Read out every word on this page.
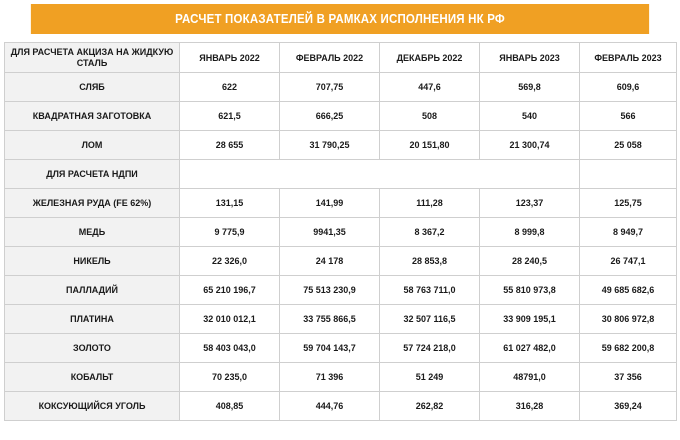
РАСЧЕТ ПОКАЗАТЕЛЕЙ В РАМКАХ ИСПОЛНЕНИЯ НК РФ
ДЛЯ РАСЧЕТА АКЦИЗА НА ЖИДКУЮ СТАЛЬ	ЯНВАРЬ 2022	ФЕВРАЛЬ 2022	ДЕКАБРЬ 2022	ЯНВАРЬ 2023	ФЕВРАЛЬ 2023
СЛЯБ	622	707,75	447,6	569,8	609,6
КВАДРАТНАЯ ЗАГОТОВКА	621,5	666,25	508	540	566
ЛОМ	28 655	31 790,25	20 151,80	21 300,74	25 058
ДЛЯ РАСЧЕТА НДПИ					
ЖЕЛЕЗНАЯ РУДА (FE 62%)	131,15	141,99	111,28	123,37	125,75
МЕДЬ	9 775,9	9941,35	8 367,2	8 999,8	8 949,7
НИКЕЛЬ	22 326,0	24 178	28 853,8	28 240,5	26 747,1
ПАЛЛАДИЙ	65 210 196,7	75 513 230,9	58 763 711,0	55 810 973,8	49 685 682,6
ПЛАТИНА	32 010 012,1	33 755 866,5	32 507 116,5	33 909 195,1	30 806 972,8
ЗОЛОТО	58 403 043,0	59 704 143,7	57 724 218,0	61 027 482,0	59 682 200,8
КОБАЛЬТ	70 235,0	71 396	51 249	48791,0	37 356
КОКСУЮЩИЙСЯ УГОЛЬ	408,85	444,76	262,82	316,28	369,24
